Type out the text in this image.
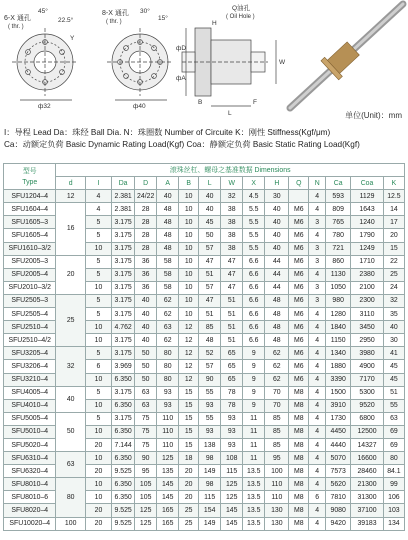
6-X 通孔
( thr. )
45°
22.5°
Y
ф32
8-X 通孔
( thr. )
30°
15°
ф40
Q油孔
( Oil Hole )
L
H
B	F
W
фD
фA
单位(Unit)：mm
I：导程 Lead Da：珠经 Ball Dia. N：珠圈数 Number of Circuite K：刚性 Stiffness(Kgf/μm)
Ca：动额定负荷 Basic Dynamic Rating Load(Kgf) Coa：静额定负荷 Basic Static Rating Load(Kgf)
型号
Type	滚珠丝杠、螺母之基准数据 Dimensions														
	d	I	Da	D	A	B	L	W	X	H	Q	N	Ca	Coa	K
SFU1204–4	12	4	2.381	24/22	40	10	40	32	4.5	30		4	593	1129	12.5
SFU1604–4	16	4	2.381	28	48	10	40	38	5.5	40	M6	4	809	1643	14
SFU1605–3		5	3.175	28	48	10	45	38	5.5	40	M6	3	765	1240	17
SFU1605–4		5	3.175	28	48	10	50	38	5.5	40	M6	4	780	1790	20
SFU1610–3/2		10	3.175	28	48	10	57	38	5.5	40	M6	3	721	1249	15
SFU2005–3	20	5	3.175	36	58	10	47	47	6.6	44	M6	3	860	1710	22
SFU2005–4		5	3.175	36	58	10	51	47	6.6	44	M6	4	1130	2380	25
SFU2010–3/2		10	3.175	36	58	10	57	47	6.6	44	M6	3	1050	2100	24
SFU2505–3	25	5	3.175	40	62	10	47	51	6.6	48	M6	3	980	2300	32
SFU2505–4		5	3.175	40	62	10	51	51	6.6	48	M6	4	1280	3110	35
SFU2510–4		10	4.762	40	63	12	85	51	6.6	48	M6	4	1840	3450	40
SFU2510–4/2		10	3.175	40	62	12	48	51	6.6	48	M6	4	1150	2950	30
SFU3205–4	32	5	3.175	50	80	12	52	65	9	62	M6	4	1340	3980	41
SFU3206–4		6	3.969	50	80	12	57	65	9	62	M6	4	1880	4900	45
SFU3210–4		10	6.350	50	80	12	90	65	9	62	M6	4	3390	7170	45
SFU4005–4	40	5	3.175	63	93	15	55	78	9	70	M8	4	1500	5300	51
SFU4010–4		10	6.350	63	93	15	93	78	9	70	M8	4	3910	9520	55
SFU5005–4	50	5	3.175	75	110	15	55	93	11	85	M8	4	1730	6800	63
SFU5010–4		10	6.350	75	110	15	93	93	11	85	M8	4	4450	12500	69
SFU5020–4		20	7.144	75	110	15	138	93	11	85	M8	4	4440	14327	69
SFU6310–4	63	10	6.350	90	125	18	98	108	11	95	M8	4	5070	16600	80
SFU6320–4		20	9.525	95	135	20	149	115	13.5	100	M8	4	7573	28460	84.1
SFU8010–4	80	10	6.350	105	145	20	98	125	13.5	110	M8	4	5620	21300	99
SFU8010–6		10	6.350	105	145	20	115	125	13.5	110	M8	6	7810	31300	106
SFU8020–4		20	9.525	125	165	25	154	145	13.5	130	M8	4	9080	37100	103
SFU10020–4	100	20	9.525	125	165	25	149	145	13.5	130	M8	4	9420	39183	134
